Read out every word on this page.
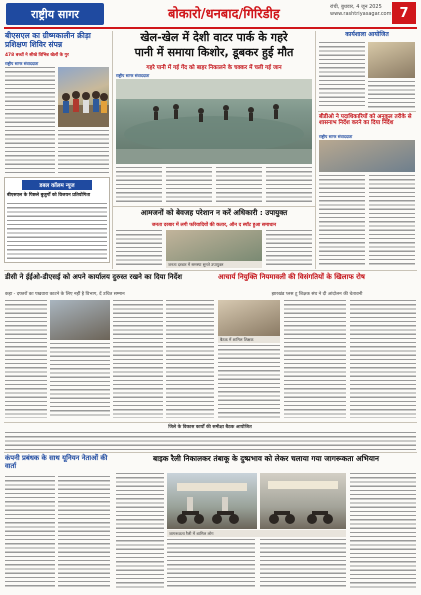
राष्ट्रीय सागर	बोकारो/धनबाद/गिरिडीह	रांची, बुधवार, 4 जून 2025
www.rashtriyasagar.com 7
बीएसएल का ग्रीष्मकालीन क्रीड़ा प्रशिक्षण शिविर संपन्न
478 बच्चों ने सीखे विभिन्न खेलों के गुर
राष्ट्रीय सागर संवाददाता
डबल कॉलम न्यूज
बीएसएल के पिछले बुजुर्गों को विजयन प्रतियोगिता
खेल-खेल में देशी वाटर पार्क के गहरे
पानी में समाया किशोर, डूबकर हुई मौत
गहरे पानी में गई गेंद को बाहर निकालने के चक्कर में चली गई जान
राष्ट्रीय सागर संवाददाता
कार्यशाला आयोजित
बीडीओ ने पदाधिकारियों को अनुकूल तरीके से शासनाभ निर्देश करने का दिया निर्देश
राष्ट्रीय सागर संवाददाता
आमजनों को बेवजह परेशान न करें अधिकारी : उपायुक्त
जनता दरबार में लगी फरियादियों की कतार, ऑन द स्पॉट हुआ समाधान
जनता दरबार में समस्या सुनते उपायुक्त
डीसी ने ईईओ-डीएसई को अपने कार्यालय दुरुस्त रखने का दिया निर्देश
कहा - दफ्तरों का पखवारा काटने के लिए नहीं है विभाग, दें उचित सम्मान
आचार्य नियुक्ति नियमावली की विसंगतियों के खिलाफ रोष
झारखंड प्लस टू शिक्षक संघ ने दी आंदोलन की चेतावनी
बैठक में शामिल शिक्षक
जिले के विकास कार्यों की समीक्षा बैठक आयोजित
कंपनी प्रबंधक के साथ यूनियन नेताओं की वार्ता
बाइक रैली निकालकर तंबाकू के दुष्प्रभाव को लेकर चलाया गया जागरूकता अभियान
जागरूकता रैली में शामिल लोग
